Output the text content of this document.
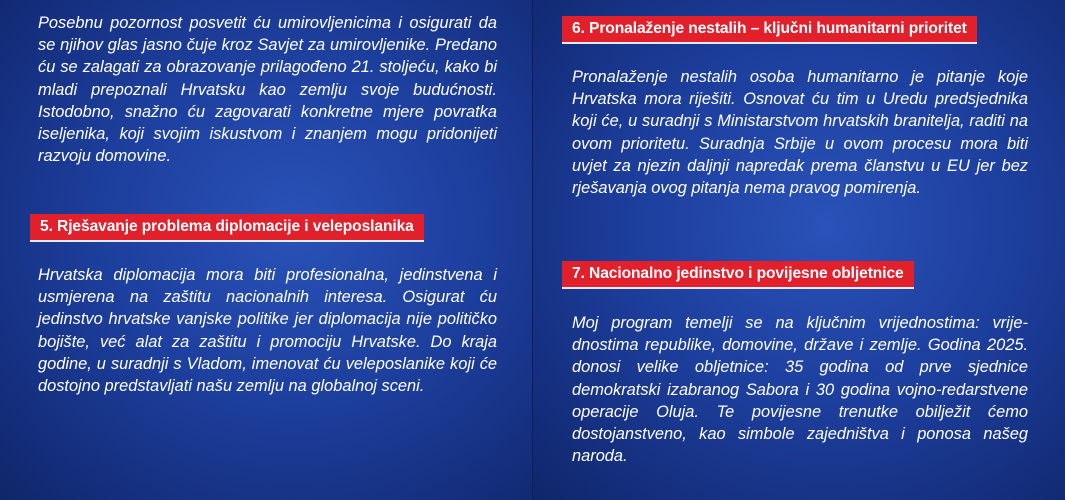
Posebnu pozornost posvetit ću umirovljenicima i osigurati da se njihov glas jasno čuje kroz Savjet za umirovljenike. Predano ću se zalagati za obrazovanje prilagođeno 21. stoljeću, kako bi mladi prepoznali Hrvatsku kao zemlju svoje budućnosti. Istodobno, snažno ću zagovarati konkretne mjere povratka iseljenika, koji svojim iskustvom i znanjem mogu pridonijeti razvoju domovine.

5. Rješavanje problema diplomacije i veleposlanika

Hrvatska diplomacija mora biti profesionalna, jedinstvena i usmjerena na zaštitu nacionalnih interesa. Osigurat ću jedinstvo hrvatske vanjske politike jer diplomacija nije političko bojište, već alat za zaštitu i promociju Hrvatske. Do kraja godine, u suradnji s Vladom, imenovat ću veleposlanike koji će dostojno predstavljati našu zemlju na globalnoj sceni.

6. Pronalaženje nestalih – ključni humanitarni prioritet

Pronalaženje nestalih osoba humanitarno je pitanje koje Hrvatska mora riješiti. Osnovat ću tim u Uredu predsjednika koji će, u suradnji s Ministarstvom hrvatskih branitelja, raditi na ovom prioritetu. Suradnja Srbije u ovom procesu mora biti uvjet za njezin daljnji napredak prema članstvu u EU jer bez rješavanja ovog pitanja nema pravog pomirenja.

7. Nacionalno jedinstvo i povijesne obljetnice

Moj program temelji se na ključnim vrijednostima: vrijednostima republike, domovine, države i zemlje. Godina 2025. donosi velike obljetnice: 35 godina od prve sjednice demokratski izabranog Sabora i 30 godina vojno-redarstvene operacije Oluja. Te povijesne trenutke obilježit ćemo dostojanstveno, kao simbole zajedništva i ponosa našeg naroda.
